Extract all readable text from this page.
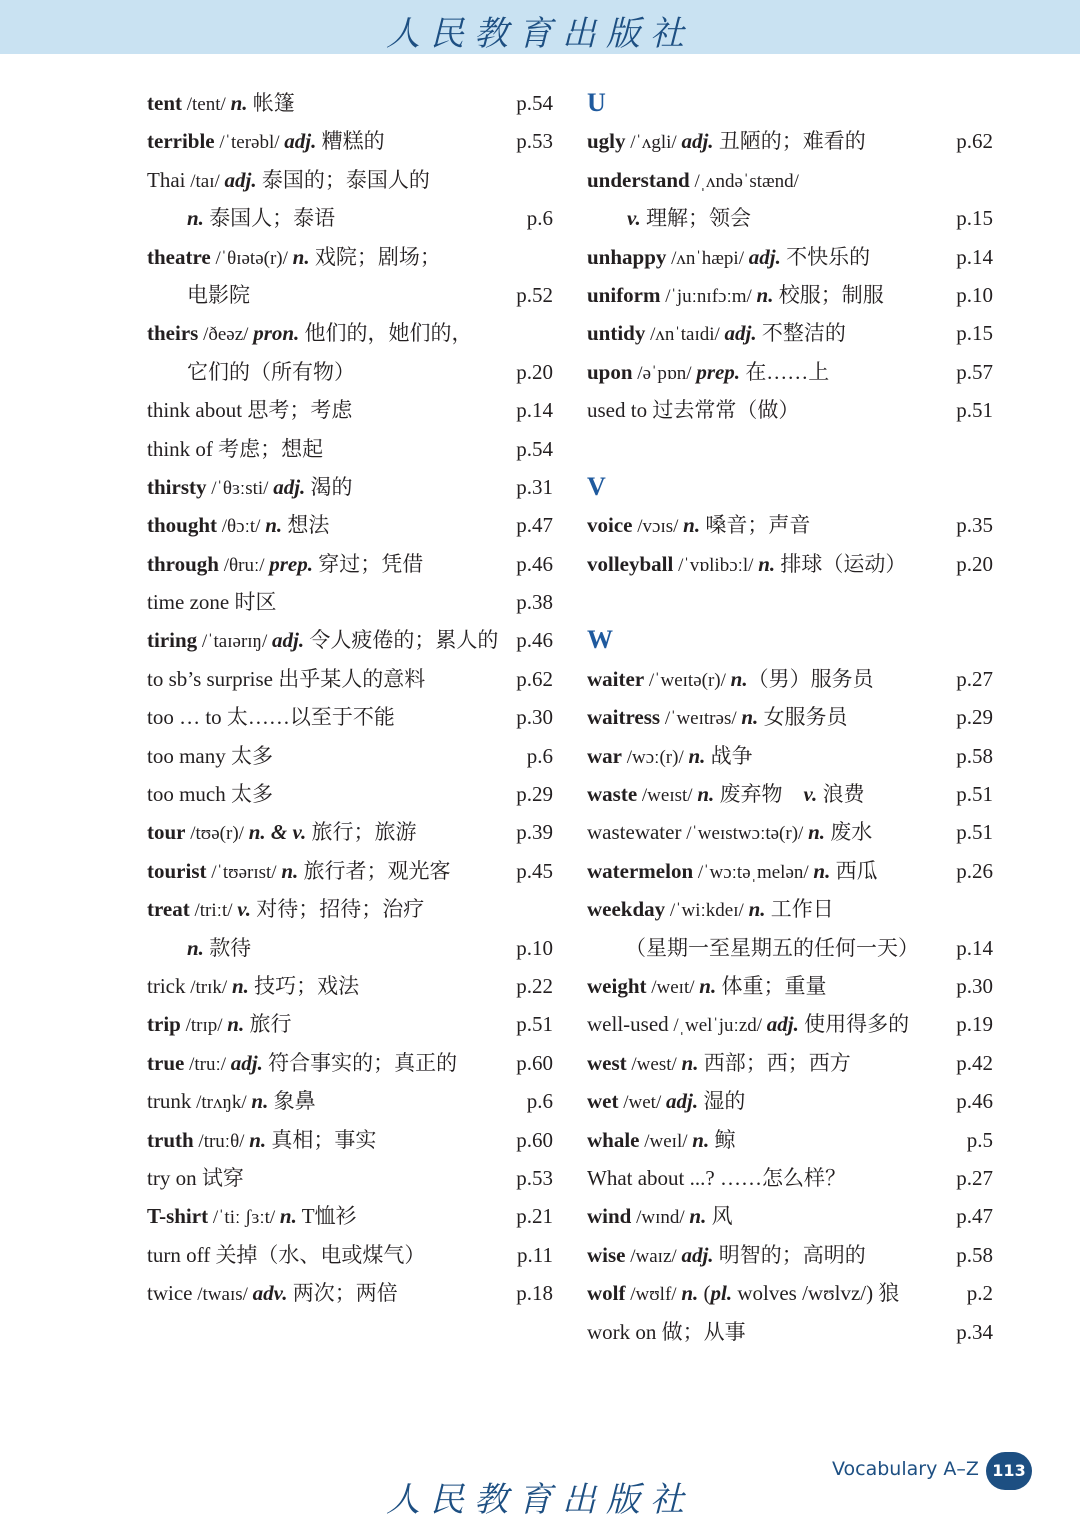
人民教育出版社
tent /tent/ n. 帐篷	p.54
terrible /ˈterəbl/ adj. 糟糕的	p.53
Thai /taɪ/ adj. 泰国的；泰国人的
n. 泰国人；泰语	p.6
theatre /ˈθɪətə(r)/ n. 戏院；剧场；
电影院	p.52
theirs /ðeəz/ pron. 他们的，她们的，
它们的（所有物）	p.20
think about 思考；考虑	p.14
think of 考虑；想起	p.54
thirsty /ˈθɜːsti/ adj. 渴的	p.31
thought /θɔːt/ n. 想法	p.47
through /θruː/ prep. 穿过；凭借	p.46
time zone 时区	p.38
tiring /ˈtaɪərɪŋ/ adj. 令人疲倦的；累人的 p.46
to sb’s surprise 出乎某人的意料	p.62
too … to 太……以至于不能	p.30
too many 太多	p.6
too much 太多	p.29
tour /tʊə(r)/ n. & v. 旅行；旅游	p.39
tourist /ˈtʊərɪst/ n. 旅行者；观光客	p.45
treat /triːt/ v. 对待；招待；治疗
n. 款待	p.10
trick /trɪk/ n. 技巧；戏法	p.22
trip /trɪp/ n. 旅行	p.51
true /truː/ adj. 符合事实的；真正的	p.60
trunk /trʌŋk/ n. 象鼻	p.6
truth /truːθ/ n. 真相；事实	p.60
try on 试穿	p.53
T-shirt /ˈtiː ʃɜːt/ n. T恤衫	p.21
turn off 关掉（水、电或煤气）	p.11
twice /twaɪs/ adv. 两次；两倍	p.18
U
ugly /ˈʌgli/ adj. 丑陋的；难看的	p.62
understand /ˌʌndəˈstænd/
v. 理解；领会	p.15
unhappy /ʌnˈhæpi/ adj. 不快乐的	p.14
uniform /ˈjuːnɪfɔːm/ n. 校服；制服	p.10
untidy /ʌnˈtaɪdi/ adj. 不整洁的	p.15
upon /əˈpɒn/ prep. 在……上	p.57
used to 过去常常（做）	p.51
V
voice /vɔɪs/ n. 嗓音；声音	p.35
volleyball /ˈvɒlibɔːl/ n. 排球（运动） p.20
W
waiter /ˈweɪtə(r)/ n.（男）服务员	p.27
waitress /ˈweɪtrəs/ n. 女服务员	p.29
war /wɔː(r)/ n. 战争	p.58
waste /weɪst/ n. 废弃物　v. 浪费	p.51
wastewater /ˈweɪstwɔːtə(r)/ n. 废水	p.51
watermelon /ˈwɔːtəˌmelən/ n. 西瓜	p.26
weekday /ˈwiːkdeɪ/ n. 工作日
（星期一至星期五的任何一天） p.14
weight /weɪt/ n. 体重；重量	p.30
well-used /ˌwelˈjuːzd/ adj. 使用得多的 p.19
west /west/ n. 西部；西；西方	p.42
wet /wet/ adj. 湿的	p.46
whale /weɪl/ n. 鲸	p.5
What about ...? ……怎么样？	p.27
wind /wɪnd/ n. 风	p.47
wise /waɪz/ adj. 明智的；高明的	p.58
wolf /wʊlf/ n. (pl. wolves /wʊlvz/) 狼	p.2
work on 做；从事	p.34
人民教育出版社
Vocabulary A–Z 113
